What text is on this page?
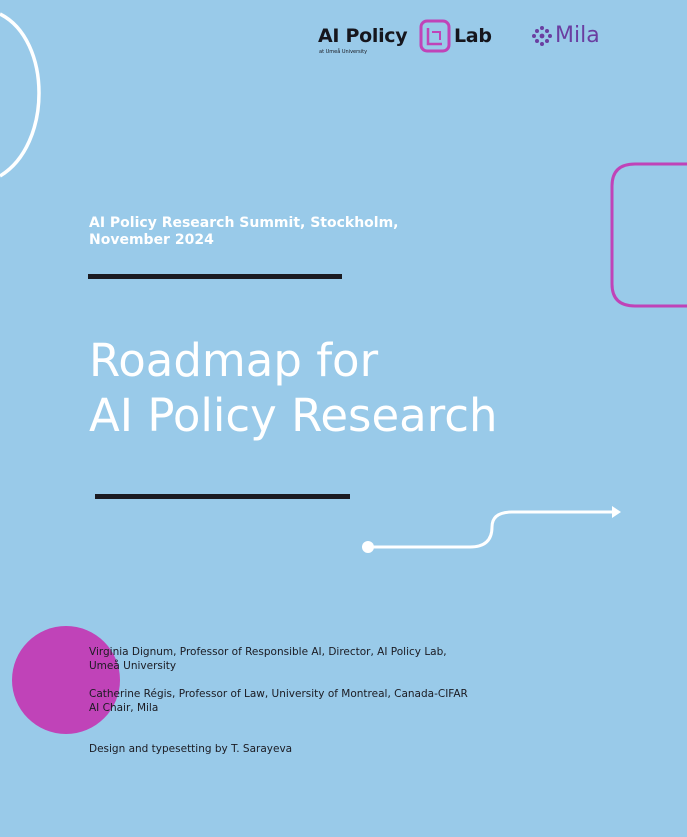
AI Policy
at Umeå University
Lab	Mila
AI Policy Research Summit, Stockholm,
November 2024
Roadmap for
AI Policy Research
Virginia Dignum, Professor of Responsible AI, Director, AI Policy Lab,
Umeå University
Catherine Régis, Professor of Law, University of Montreal, Canada-CIFAR
AI Chair, Mila
Design and typesetting by T. Sarayeva
